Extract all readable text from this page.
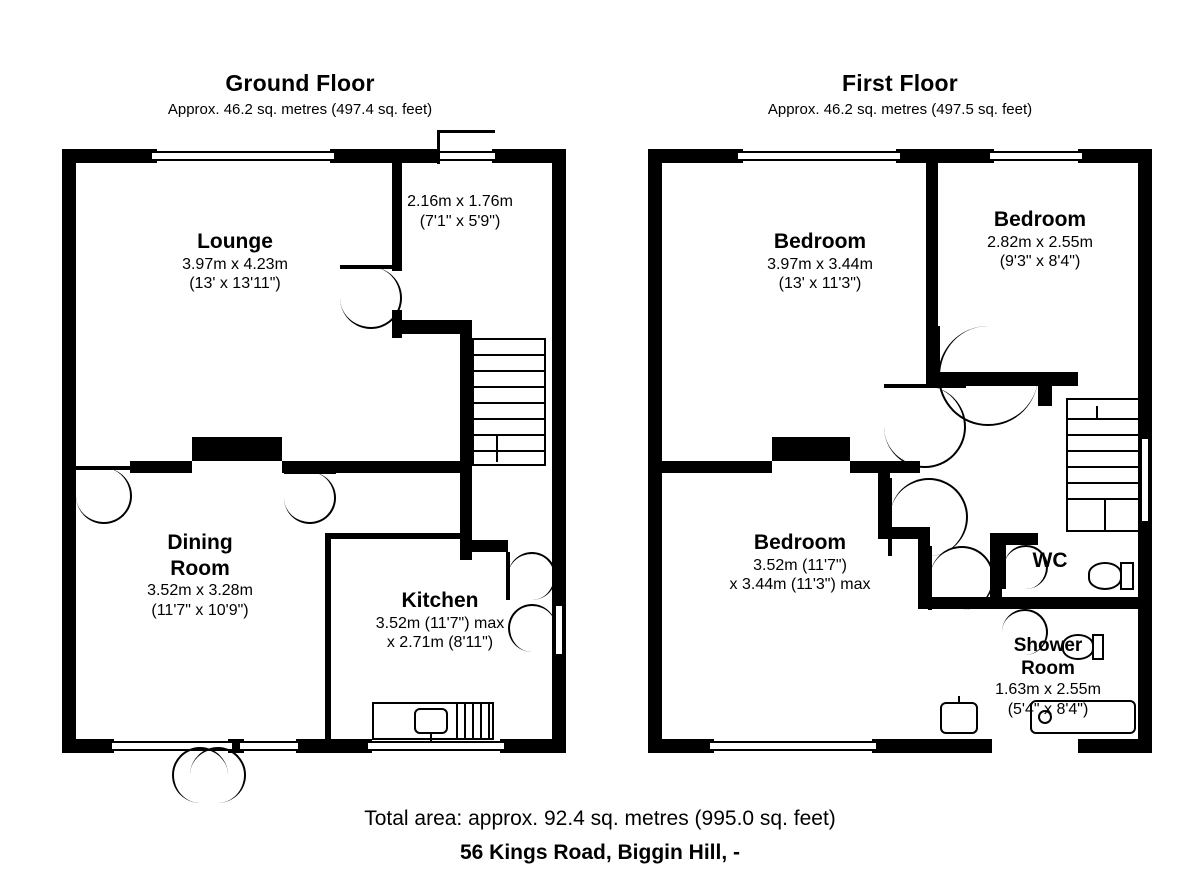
Ground Floor
Approx. 46.2 sq. metres (497.4 sq. feet)
Lounge
3.97m x 4.23m
(13' x 13'11")
2.16m x 1.76m
(7'1" x 5'9")
Dining
Room
3.52m x 3.28m
(11'7" x 10'9")	Kitchen
3.52m (11'7") max
x 2.71m (8'11")
First Floor
Approx. 46.2 sq. metres (497.5 sq. feet)
Bedroom
3.97m x 3.44m
(13' x 11'3")
Bedroom
2.82m x 2.55m
(9'3" x 8'4")
Bedroom
3.52m (11'7")
x 3.44m (11'3") max
WC
Shower
Room
1.63m x 2.55m
(5'4" x 8'4")
Total area: approx. 92.4 sq. metres (995.0 sq. feet)
56 Kings Road, Biggin Hill, -
